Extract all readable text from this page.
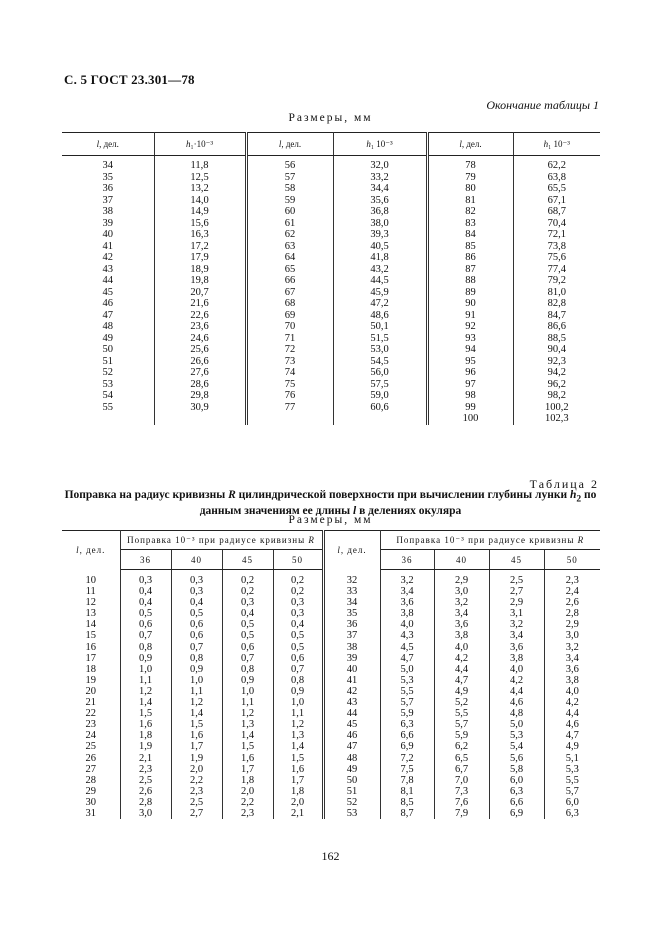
С. 5 ГОСТ 23.301—78
Окончание таблицы 1
Размеры, мм
l, дел.	h₁·10⁻³	l, дел.	h₁ 10⁻³	l, дел.	h₁ 10⁻³

34	11,8	56	32,0	78	62,2
35	12,5	57	33,2	79	63,8
36	13,2	58	34,4	80	65,5
37	14,0	59	35,6	81	67,1
38	14,9	60	36,8	82	68,7
39	15,6	61	38,0	83	70,4
40	16,3	62	39,3	84	72,1
41	17,2	63	40,5	85	73,8
42	17,9	64	41,8	86	75,6
43	18,9	65	43,2	87	77,4
44	19,8	66	44,5	88	79,2
45	20,7	67	45,9	89	81,0
46	21,6	68	47,2	90	82,8
47	22,6	69	48,6	91	84,7
48	23,6	70	50,1	92	86,6
49	24,6	71	51,5	93	88,5
50	25,6	72	53,0	94	90,4
51	26,6	73	54,5	95	92,3
52	27,6	74	56,0	96	94,2
53	28,6	75	57,5	97	96,2
54	29,8	76	59,0	98	98,2
55	30,9	77	60,6	99	100,2
				100	102,3
Таблица 2
Поправка на радиус кривизны R цилиндрической поверхности при вычислении глубины лунки $h_2$ по данным значениям ее длины l в делениях окуляра
Размеры, мм
l, дел.	Поправка 10⁻³ при радиусе кривизны R				l, дел.	Поправка 10⁻³ при радиусе кривизны R			
	36	40	45	50		36	40	45	50

10	0,3	0,3	0,2	0,2	32	3,2	2,9	2,5	2,3
11	0,4	0,3	0,2	0,2	33	3,4	3,0	2,7	2,4
12	0,4	0,4	0,3	0,3	34	3,6	3,2	2,9	2,6
13	0,5	0,5	0,4	0,3	35	3,8	3,4	3,1	2,8
14	0,6	0,6	0,5	0,4	36	4,0	3,6	3,2	2,9
15	0,7	0,6	0,5	0,5	37	4,3	3,8	3,4	3,0
16	0,8	0,7	0,6	0,5	38	4,5	4,0	3,6	3,2
17	0,9	0,8	0,7	0,6	39	4,7	4,2	3,8	3,4
18	1,0	0,9	0,8	0,7	40	5,0	4,4	4,0	3,6
19	1,1	1,0	0,9	0,8	41	5,3	4,7	4,2	3,8
20	1,2	1,1	1,0	0,9	42	5,5	4,9	4,4	4,0
21	1,4	1,2	1,1	1,0	43	5,7	5,2	4,6	4,2
22	1,5	1,4	1,2	1,1	44	5,9	5,5	4,8	4,4
23	1,6	1,5	1,3	1,2	45	6,3	5,7	5,0	4,6
24	1,8	1,6	1,4	1,3	46	6,6	5,9	5,3	4,7
25	1,9	1,7	1,5	1,4	47	6,9	6,2	5,4	4,9
26	2,1	1,9	1,6	1,5	48	7,2	6,5	5,6	5,1
27	2,3	2,0	1,7	1,6	49	7,5	6,7	5,8	5,3
28	2,5	2,2	1,8	1,7	50	7,8	7,0	6,0	5,5
29	2,6	2,3	2,0	1,8	51	8,1	7,3	6,3	5,7
30	2,8	2,5	2,2	2,0	52	8,5	7,6	6,6	6,0
31	3,0	2,7	2,3	2,1	53	8,7	7,9	6,9	6,3
162
